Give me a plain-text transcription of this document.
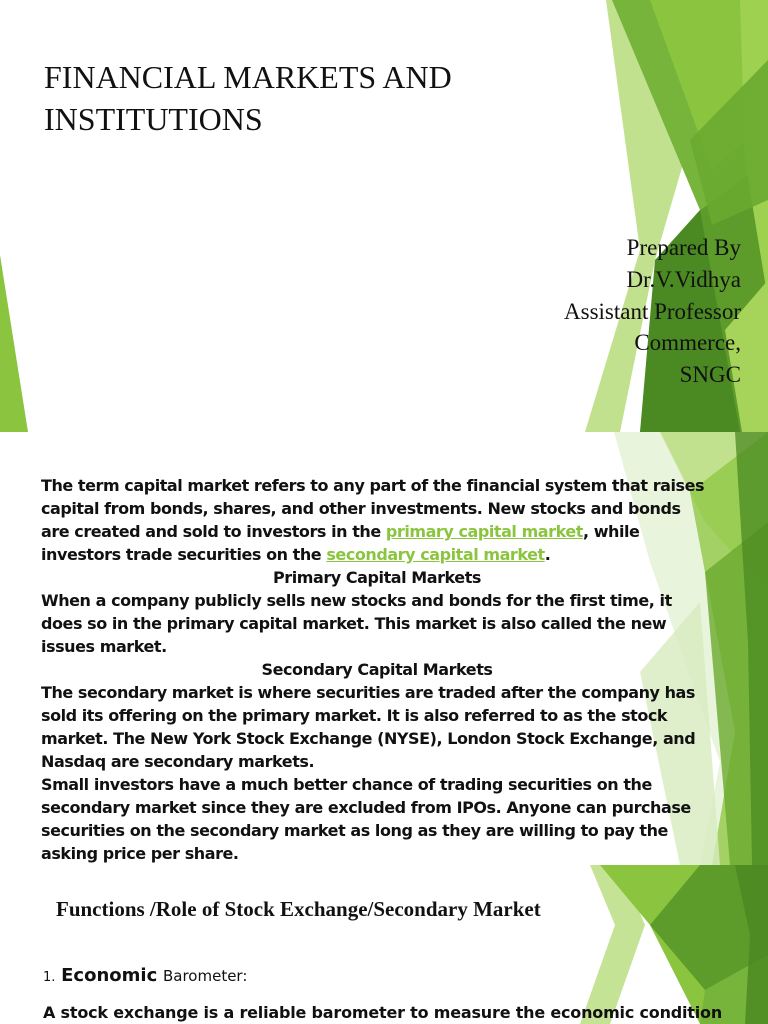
FINANCIAL MARKETS AND
INSTITUTIONS
Prepared By
Dr.V.Vidhya
Assistant Professor
Commerce,
SNGC

The term capital market refers to any part of the financial system that raises capital from bonds, shares, and other investments. New stocks and bonds are created and sold to investors in the primary capital market, while investors trade securities on the secondary capital market.

Primary Capital Markets

When a company publicly sells new stocks and bonds for the first time, it does so in the primary capital market. This market is also called the new issues market.

Secondary Capital Markets

The secondary market is where securities are traded after the company has sold its offering on the primary market. It is also referred to as the stock market. The New York Stock Exchange (NYSE), London Stock Exchange, and Nasdaq are secondary markets.

Small investors have a much better chance of trading securities on the secondary market since they are excluded from IPOs. Anyone can purchase securities on the secondary market as long as they are willing to pay the asking price per share.

Functions /Role of Stock Exchange/Secondary Market
1. Economic Barometer:
A stock exchange is a reliable barometer to measure the economic condition
